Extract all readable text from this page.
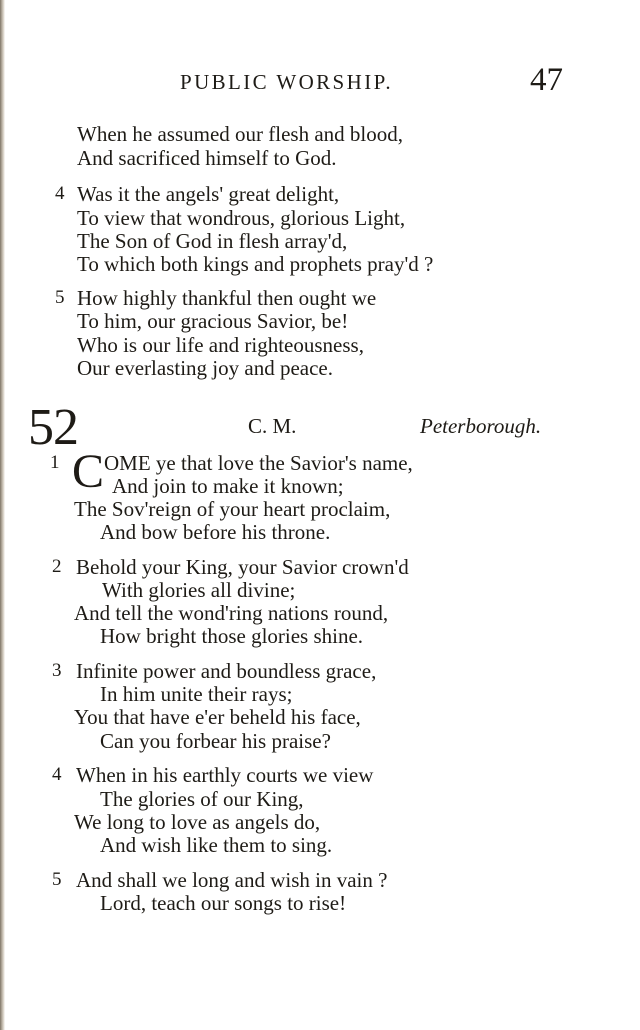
PUBLIC WORSHIP.	47
When he assumed our flesh and blood,
And sacrificed himself to God.
4 Was it the angels' great delight,
To view that wondrous, glorious Light,
The Son of God in flesh array'd,
To which both kings and prophets pray'd ?
5 How highly thankful then ought we
To him, our gracious Savior, be!
Who is our life and righteousness,
Our everlasting joy and peace.
52	C. M.	Peterborough.
1 C OME ye that love the Savior's name,
And join to make it known;
The Sov'reign of your heart proclaim,
And bow before his throne.
2 Behold your King, your Savior crown'd
With glories all divine;
And tell the wond'ring nations round,
How bright those glories shine.
3 Infinite power and boundless grace,
In him unite their rays;
You that have e'er beheld his face,
Can you forbear his praise?
4 When in his earthly courts we view
The glories of our King,
We long to love as angels do,
And wish like them to sing.
5 And shall we long and wish in vain ?
Lord, teach our songs to rise!
